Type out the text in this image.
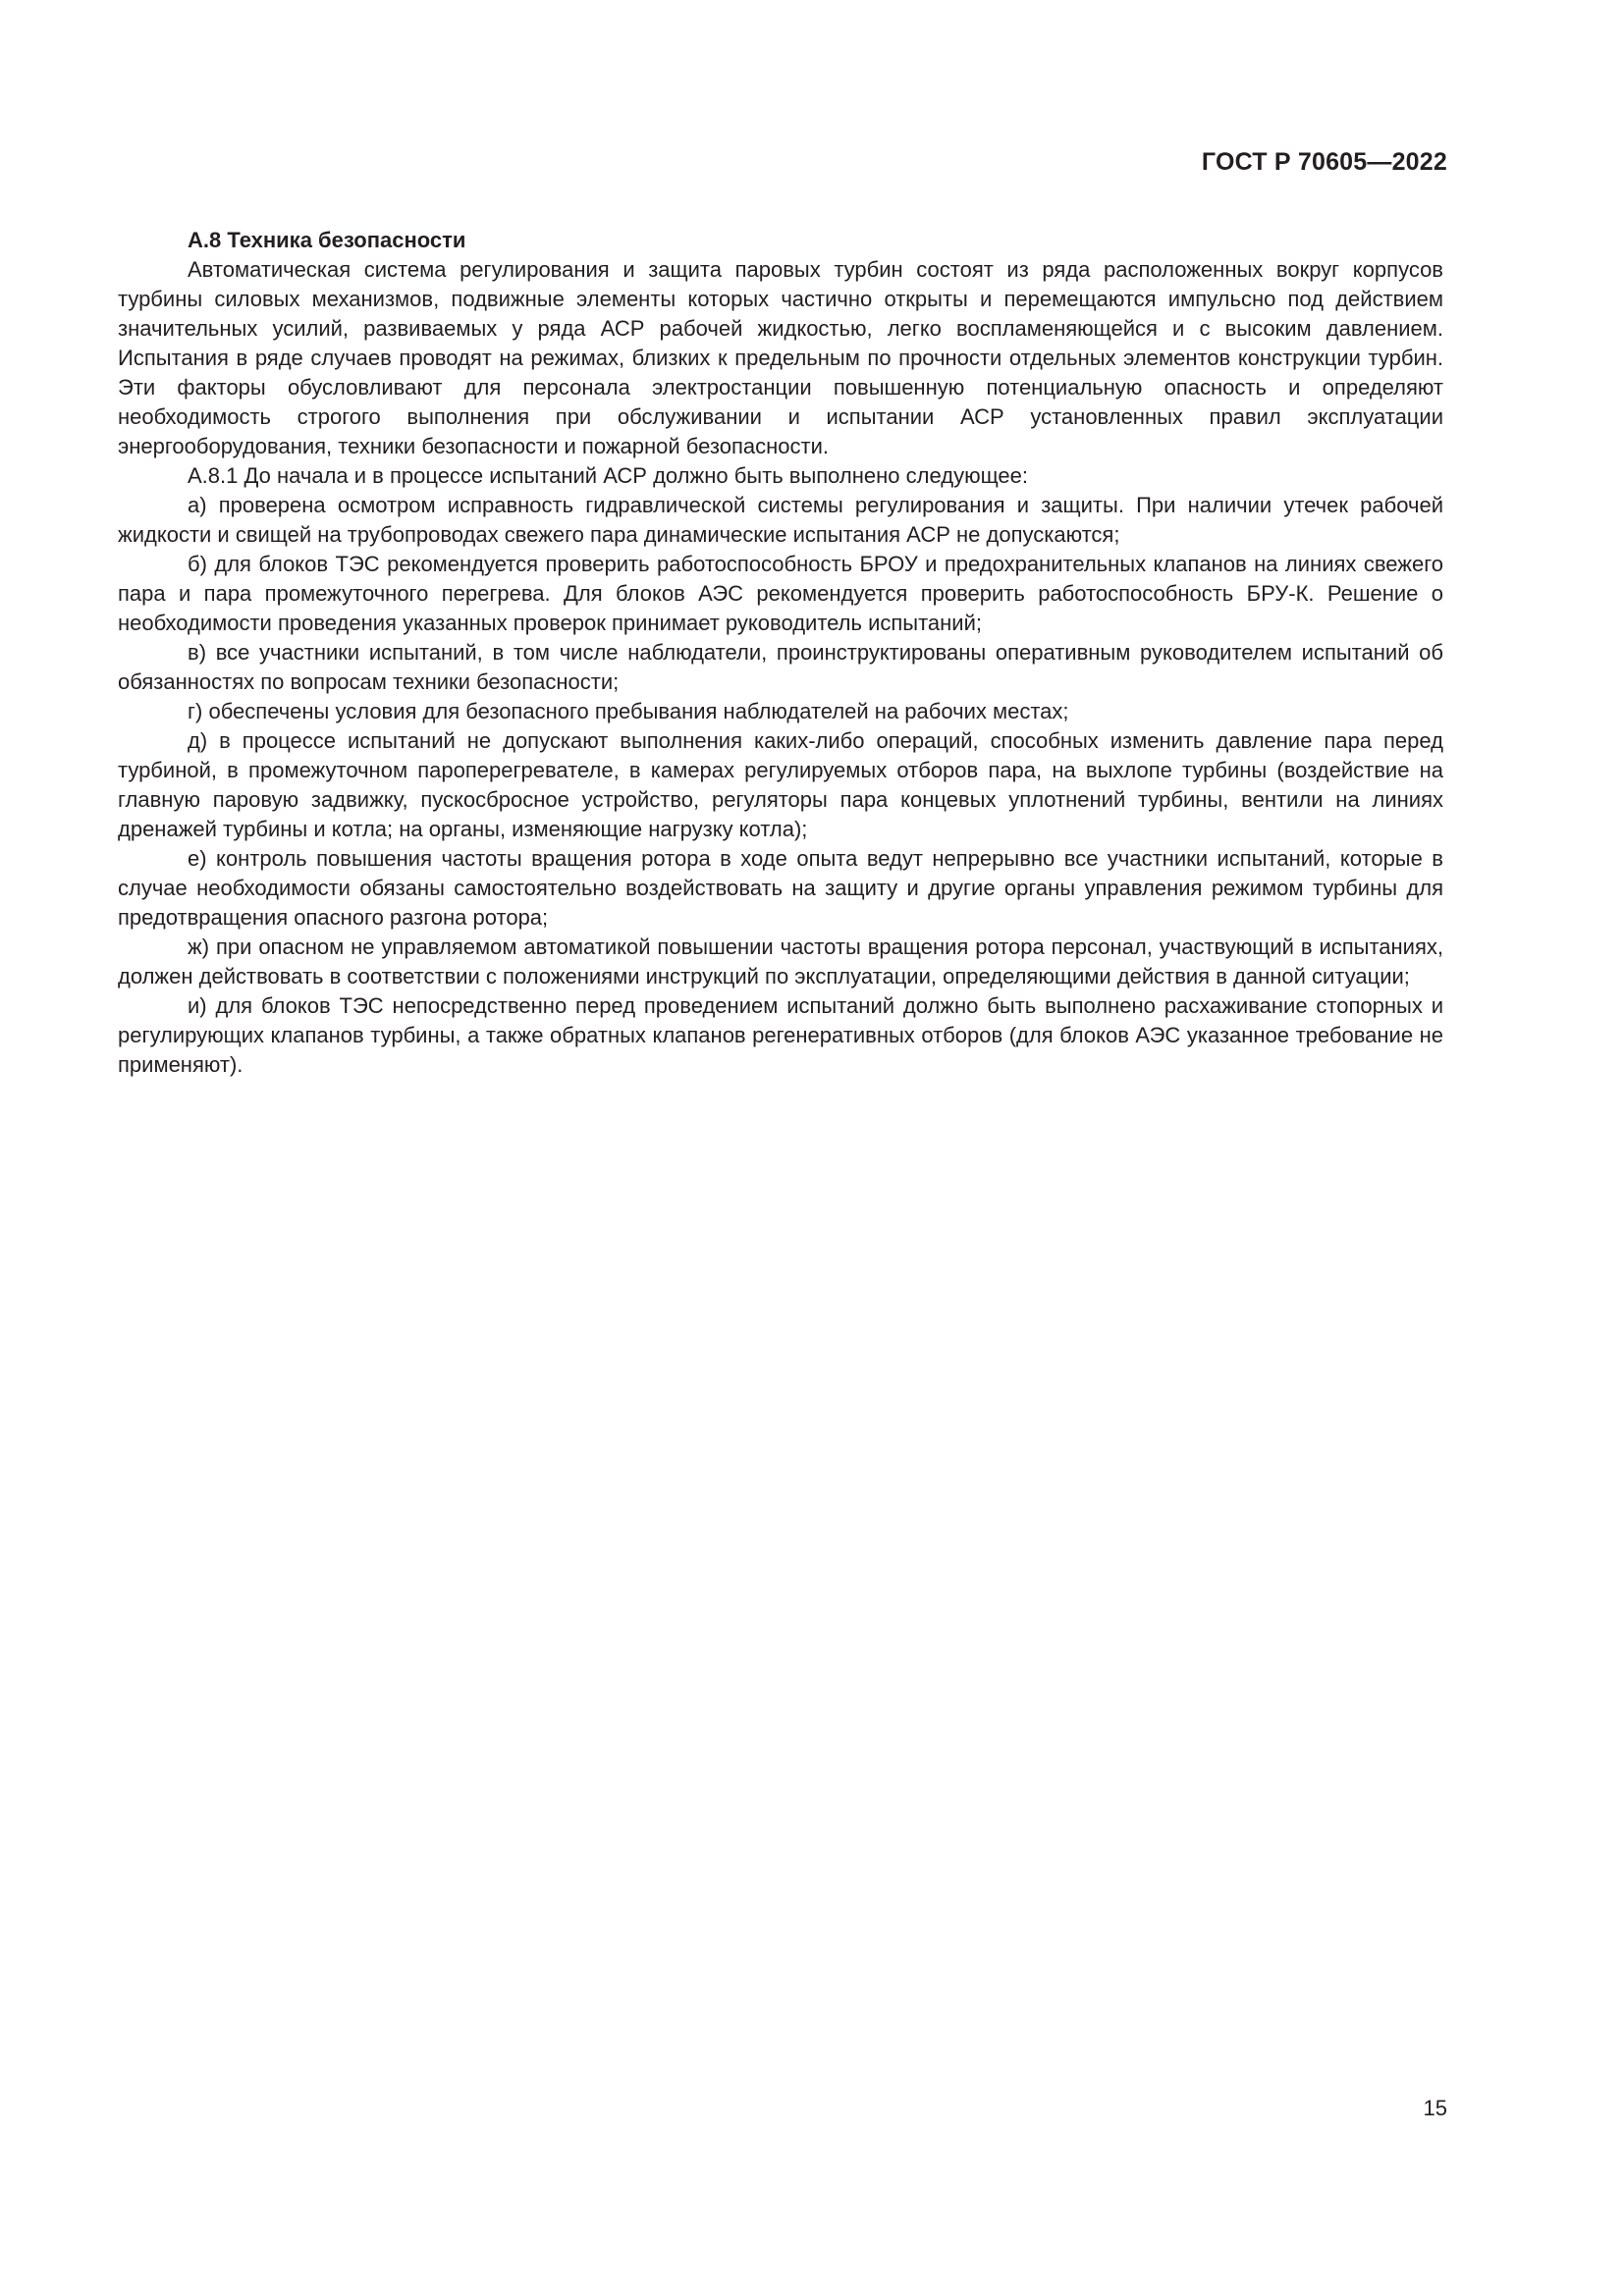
ГОСТ Р 70605—2022
А.8 Техника безопасности

Автоматическая система регулирования и защита паровых турбин состоят из ряда расположенных вокруг корпусов турбины силовых механизмов, подвижные элементы которых частично открыты и перемещаются импульсно под действием значительных усилий, развиваемых у ряда АСР рабочей жидкостью, легко воспламеняющейся и с высоким давлением. Испытания в ряде случаев проводят на режимах, близких к предельным по прочности отдельных элементов конструкции турбин. Эти факторы обусловливают для персонала электростанции повышенную потенциальную опасность и определяют необходимость строгого выполнения при обслуживании и испытании АСР установленных правил эксплуатации энергооборудования, техники безопасности и пожарной безопасности.

А.8.1 До начала и в процессе испытаний АСР должно быть выполнено следующее:

а) проверена осмотром исправность гидравлической системы регулирования и защиты. При наличии утечек рабочей жидкости и свищей на трубопроводах свежего пара динамические испытания АСР не допускаются;

б) для блоков ТЭС рекомендуется проверить работоспособность БРОУ и предохранительных клапанов на линиях свежего пара и пара промежуточного перегрева. Для блоков АЭС рекомендуется проверить работоспособность БРУ-К. Решение о необходимости проведения указанных проверок принимает руководитель испытаний;

в) все участники испытаний, в том числе наблюдатели, проинструктированы оперативным руководителем испытаний об обязанностях по вопросам техники безопасности;

г) обеспечены условия для безопасного пребывания наблюдателей на рабочих местах;

д) в процессе испытаний не допускают выполнения каких-либо операций, способных изменить давление пара перед турбиной, в промежуточном пароперегревателе, в камерах регулируемых отборов пара, на выхлопе турбины (воздействие на главную паровую задвижку, пускосбросное устройство, регуляторы пара концевых уплотнений турбины, вентили на линиях дренажей турбины и котла; на органы, изменяющие нагрузку котла);

е) контроль повышения частоты вращения ротора в ходе опыта ведут непрерывно все участники испытаний, которые в случае необходимости обязаны самостоятельно воздействовать на защиту и другие органы управления режимом турбины для предотвращения опасного разгона ротора;

ж) при опасном не управляемом автоматикой повышении частоты вращения ротора персонал, участвующий в испытаниях, должен действовать в соответствии с положениями инструкций по эксплуатации, определяющими действия в данной ситуации;

и) для блоков ТЭС непосредственно перед проведением испытаний должно быть выполнено расхаживание стопорных и регулирующих клапанов турбины, а также обратных клапанов регенеративных отборов (для блоков АЭС указанное требование не применяют).

15
